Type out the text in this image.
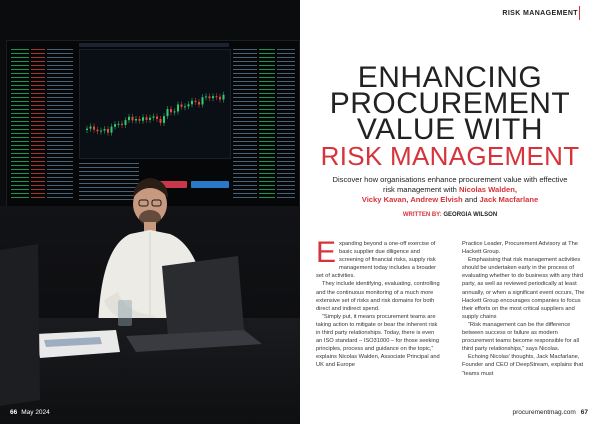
66 May 2024
RISK MANAGEMENT
ENHANCING
PROCUREMENT
VALUE WITH
RISK MANAGEMENT
Discover how organisations enhance procurement value with effective risk management with Nicolas Walden,
Vicky Kavan, Andrew Elvish and Jack Macfarlane
WRITTEN BY: GEORGIA WILSON

Expanding beyond a one-off exercise of basic supplier due diligence and screening of financial risks, supply risk management today includes a broader set of activities.

They include identifying, evaluating, controlling and the continuous monitoring of a much more extensive set of risks and risk domains for both direct and indirect spend.

“Simply put, it means procurement teams are taking action to mitigate or bear the inherent risk in third party relationships. Today, there is even an ISO standard – ISO31000 – for those seeking principles, process and guidance on the topic,” explains Nicolas Walden, Associate Principal and UK and Europe

Practice Leader, Procurement Advisory at The Hackett Group.

Emphasising that risk management activities should be undertaken early in the process of evaluating whether to do business with any third party, as well as reviewed periodically at least annually, or when a significant event occurs, The Hackett Group encourages companies to focus their efforts on the most critical suppliers and supply chains

“Risk management can be the difference between success or failure as modern procurement teams become responsible for all third party relationships,” says Nicolas.

Echoing Nicolas’ thoughts, Jack Macfarlane, Founder and CEO of DeepStream, explains that “teams must

procurementmag.com 67
